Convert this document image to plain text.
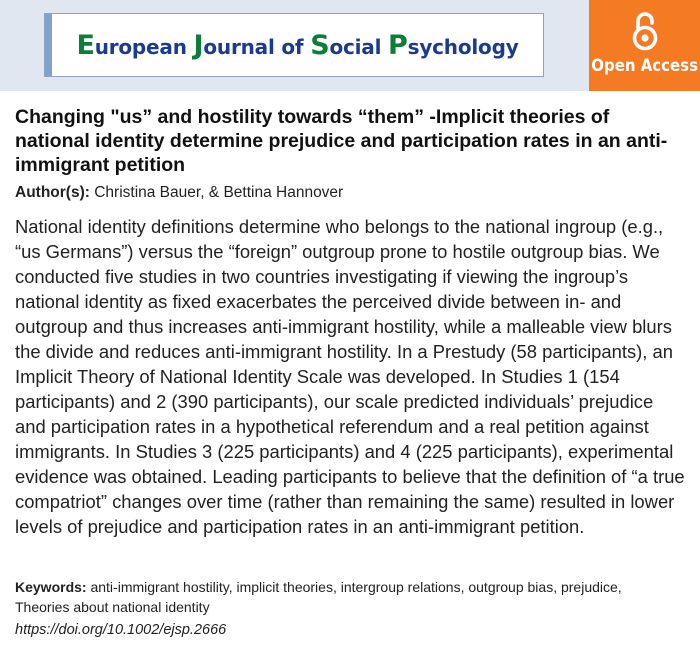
European Journal of Social Psychology
Open Access
Changing "us” and hostility towards “them” -Implicit theories of national identity determine prejudice and participation rates in an anti-immigrant petition
Author(s): Christina Bauer, & Bettina Hannover

National identity definitions determine who belongs to the national ingroup (e.g., “us Germans”) versus the “foreign” outgroup prone to hostile outgroup bias. We conducted five studies in two countries investigating if viewing the ingroup’s national identity as fixed exacerbates the perceived divide between in- and outgroup and thus increases anti-immigrant hostility, while a malleable view blurs the divide and reduces anti-immigrant hostility. In a Prestudy (58 participants), an Implicit Theory of National Identity Scale was developed. In Studies 1 (154 participants) and 2 (390 participants), our scale predicted individuals’ prejudice and participation rates in a hypothetical referendum and a real petition against immigrants. In Studies 3 (225 participants) and 4 (225 participants), experimental evidence was obtained. Leading participants to believe that the definition of “a true compatriot” changes over time (rather than remaining the same) resulted in lower levels of prejudice and participation rates in an anti-immigrant petition.

Keywords: anti-immigrant hostility, implicit theories, intergroup relations, outgroup bias, prejudice, Theories about national identity
https://doi.org/10.1002/ejsp.2666
